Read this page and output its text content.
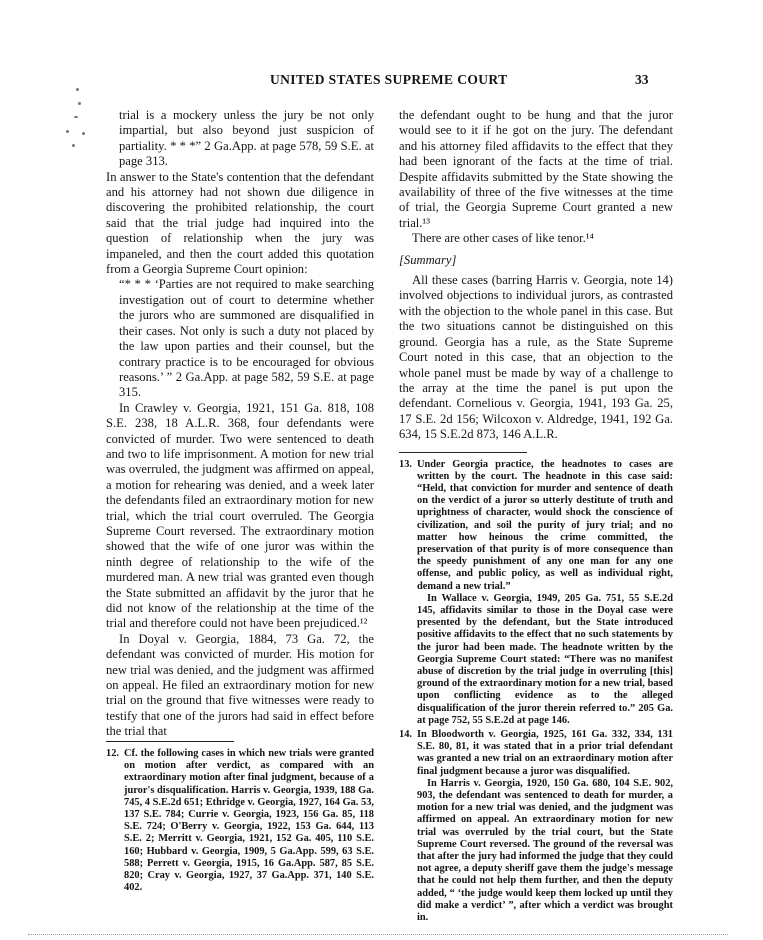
UNITED STATES SUPREME COURT	33

trial is a mockery unless the jury be not only impartial, but also beyond just suspicion of partiality. * * *” 2 Ga.App. at page 578, 59 S.E. at page 313.

In answer to the State's contention that the defendant and his attorney had not shown due diligence in discovering the prohibited relationship, the court said that the trial judge had inquired into the question of relationship when the jury was impaneled, and then the court added this quotation from a Georgia Supreme Court opinion:

“* * * ‘Parties are not required to make searching investigation out of court to determine whether the jurors who are summoned are disqualified in their cases. Not only is such a duty not placed by the law upon parties and their counsel, but the contrary practice is to be encouraged for obvious reasons.’ ” 2 Ga.App. at page 582, 59 S.E. at page 315.

In Crawley v. Georgia, 1921, 151 Ga. 818, 108 S.E. 238, 18 A.L.R. 368, four defendants were convicted of murder. Two were sentenced to death and two to life imprisonment. A motion for new trial was overruled, the judgment was affirmed on appeal, a motion for rehearing was denied, and a week later the defendants filed an extraordinary motion for new trial, which the trial court overruled. The Georgia Supreme Court reversed. The extraordinary motion showed that the wife of one juror was within the ninth degree of relationship to the wife of the murdered man. A new trial was granted even though the State submitted an affidavit by the juror that he did not know of the relationship at the time of the trial and therefore could not have been prejudiced.¹²

In Doyal v. Georgia, 1884, 73 Ga. 72, the defendant was convicted of murder. His motion for new trial was denied, and the judgment was affirmed on appeal. He filed an extraordinary motion for new trial on the ground that five witnesses were ready to testify that one of the jurors had said in effect before the trial that

12. Cf. the following cases in which new trials were granted on motion after verdict, as compared with an extraordinary motion after final judgment, because of a juror's disqualification. Harris v. Georgia, 1939, 188 Ga. 745, 4 S.E.2d 651; Ethridge v. Georgia, 1927, 164 Ga. 53, 137 S.E. 784; Currie v. Georgia, 1923, 156 Ga. 85, 118 S.E. 724; O'Berry v. Georgia, 1922, 153 Ga. 644, 113 S.E. 2; Merritt v. Georgia, 1921, 152 Ga. 405, 110 S.E. 160; Hubbard v. Georgia, 1909, 5 Ga.App. 599, 63 S.E. 588; Perrett v. Georgia, 1915, 16 Ga.App. 587, 85 S.E. 820; Cray v. Georgia, 1927, 37 Ga.App. 371, 140 S.E. 402.

the defendant ought to be hung and that the juror would see to it if he got on the jury. The defendant and his attorney filed affidavits to the effect that they had been ignorant of the facts at the time of trial. Despite affidavits submitted by the State showing the availability of three of the five witnesses at the time of trial, the Georgia Supreme Court granted a new trial.¹³

There are other cases of like tenor.¹⁴

[Summary]

All these cases (barring Harris v. Georgia, note 14) involved objections to individual jurors, as contrasted with the objection to the whole panel in this case. But the two situations cannot be distinguished on this ground. Georgia has a rule, as the State Supreme Court noted in this case, that an objection to the whole panel must be made by way of a challenge to the array at the time the panel is put upon the defendant. Cornelious v. Georgia, 1941, 193 Ga. 25, 17 S.E. 2d 156; Wilcoxon v. Aldredge, 1941, 192 Ga. 634, 15 S.E.2d 873, 146 A.L.R.

13. Under Georgia practice, the headnotes to cases are written by the court. The headnote in this case said: “Held, that conviction for murder and sentence of death on the verdict of a juror so utterly destitute of truth and uprightness of character, would shock the conscience of civilization, and soil the purity of jury trial; and no matter how heinous the crime committed, the preservation of that purity is of more consequence than the speedy punishment of any one man for any one offense, and public policy, as well as individual right, demand a new trial.”

In Wallace v. Georgia, 1949, 205 Ga. 751, 55 S.E.2d 145, affidavits similar to those in the Doyal case were presented by the defendant, but the State introduced positive affidavits to the effect that no such statements by the juror had been made. The headnote written by the Georgia Supreme Court stated: “There was no manifest abuse of discretion by the trial judge in overruling [this] ground of the extraordinary motion for a new trial, based upon conflicting evidence as to the alleged disqualification of the juror therein referred to.” 205 Ga. at page 752, 55 S.E.2d at page 146.

14. In Bloodworth v. Georgia, 1925, 161 Ga. 332, 334, 131 S.E. 80, 81, it was stated that in a prior trial defendant was granted a new trial on an extraordinary motion after final judgment because a juror was disqualified.

In Harris v. Georgia, 1920, 150 Ga. 680, 104 S.E. 902, 903, the defendant was sentenced to death for murder, a motion for a new trial was denied, and the judgment was affirmed on appeal. An extraordinary motion for new trial was overruled by the trial court, but the State Supreme Court reversed. The ground of the reversal was that after the jury had informed the judge that they could not agree, a deputy sheriff gave them the judge's message that he could not help them further, and then the deputy added, “ ‘the judge would keep them locked up until they did make a verdict’ ”, after which a verdict was brought in.
